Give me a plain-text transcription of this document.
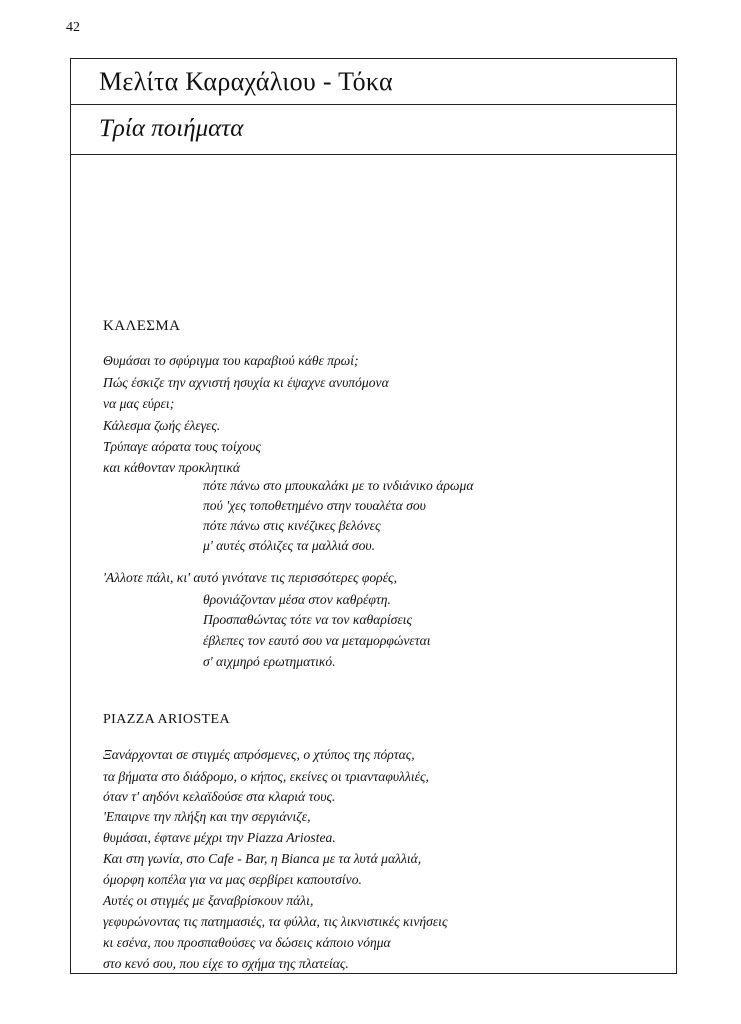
42
Μελίτα Καραχάλιου - Τόκα
Τρία ποιήματα
ΚΑΛΕΣΜΑ
Θυμάσαι το σφύριγμα του καραβιού κάθε πρωί;
Πώς έσκιζε την αχνιστή ησυχία κι έψαχνε ανυπόμονα
να μας εύρει;
Κάλεσμα ζωής έλεγες.
Τρύπαγε αόρατα τους τοίχους
και κάθονταν προκλητικά
πότε πάνω στο μπουκαλάκι με το ινδιάνικο άρωμα
πού 'χες τοποθετημένο στην τουαλέτα σου
πότε πάνω στις κινέζικες βελόνες
μ' αυτές στόλιζες τα μαλλιά σου.
'Αλλοτε πάλι, κι' αυτό γινότανε τις περισσότερες φορές,
θρονιάζονταν μέσα στον καθρέφτη.
Προσπαθώντας τότε να τον καθαρίσεις
έβλεπες τον εαυτό σου να μεταμορφώνεται
σ' αιχμηρό ερωτηματικό.
PIAZZA ARIOSTEA
Ξανάρχονται σε στιγμές απρόσμενες, ο χτύπος της πόρτας,
τα βήματα στο διάδρομο, ο κήπος, εκείνες οι τριανταφυλλιές,
όταν τ' αηδόνι κελαϊδούσε στα κλαριά τους.
'Επαιρνε την πλήξη και την σεργιάνιζε,
θυμάσαι, έφτανε μέχρι την Piazza Ariostea.
Και στη γωνία, στο Cafe - Bar, η Bianca με τα λυτά μαλλιά,
όμορφη κοπέλα για να μας σερβίρει καπουτσίνο.
Αυτές οι στιγμές με ξαναβρίσκουν πάλι,
γεφυρώνοντας τις πατημασιές, τα φύλλα, τις λικνιστικές κινήσεις
κι εσένα, που προσπαθούσες να δώσεις κάποιο νόημα
στο κενό σου, που είχε το σχήμα της πλατείας.
